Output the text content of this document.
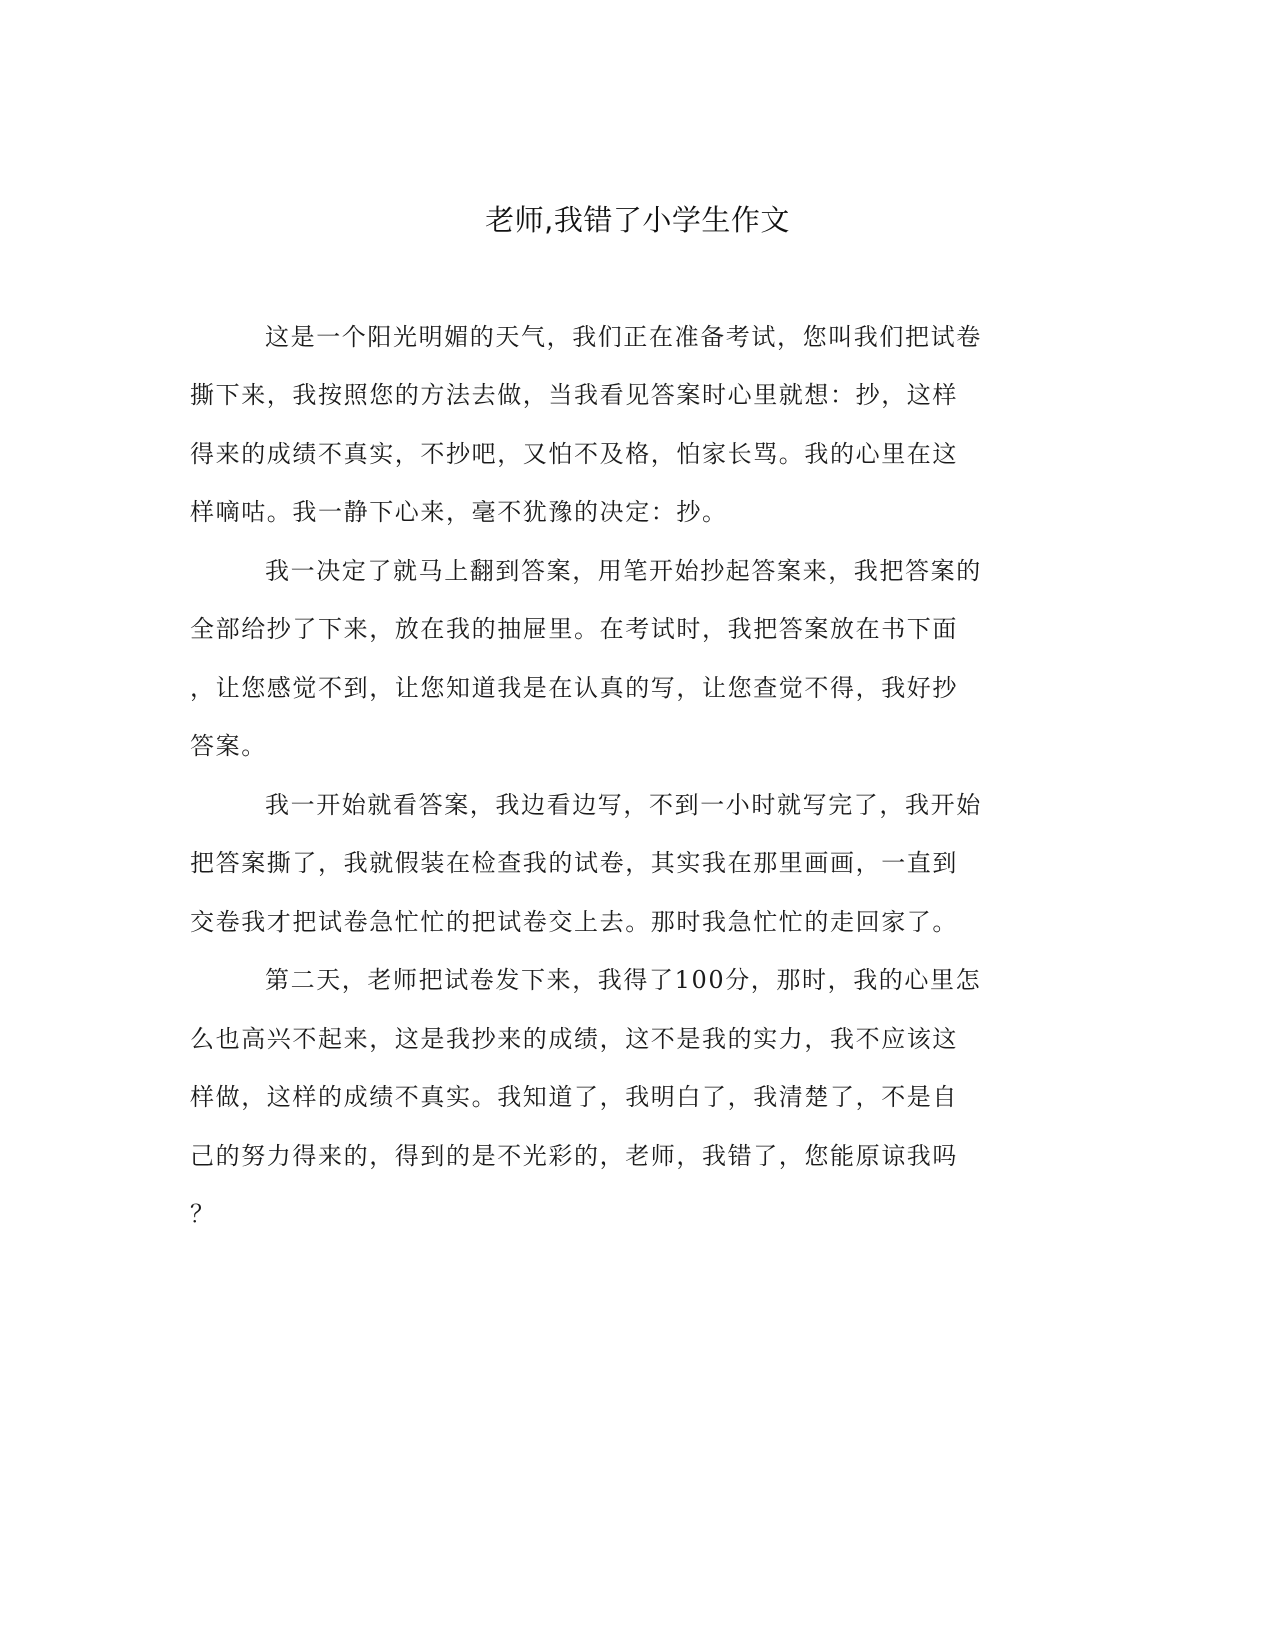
老师,我错了小学生作文
这是一个阳光明媚的天气，我们正在准备考试，您叫我们把试卷
撕下来，我按照您的方法去做，当我看见答案时心里就想：抄，这样
得来的成绩不真实，不抄吧，又怕不及格，怕家长骂。我的心里在这
样嘀咕。我一静下心来，毫不犹豫的决定：抄。
我一决定了就马上翻到答案，用笔开始抄起答案来，我把答案的
全部给抄了下来，放在我的抽屉里。在考试时，我把答案放在书下面
，让您感觉不到，让您知道我是在认真的写，让您查觉不得，我好抄
答案。
我一开始就看答案，我边看边写，不到一小时就写完了，我开始
把答案撕了，我就假装在检查我的试卷，其实我在那里画画，一直到
交卷我才把试卷急忙忙的把试卷交上去。那时我急忙忙的走回家了。
第二天，老师把试卷发下来，我得了100分，那时，我的心里怎
么也高兴不起来，这是我抄来的成绩，这不是我的实力，我不应该这
样做，这样的成绩不真实。我知道了，我明白了，我清楚了，不是自
己的努力得来的，得到的是不光彩的，老师，我错了，您能原谅我吗
？
